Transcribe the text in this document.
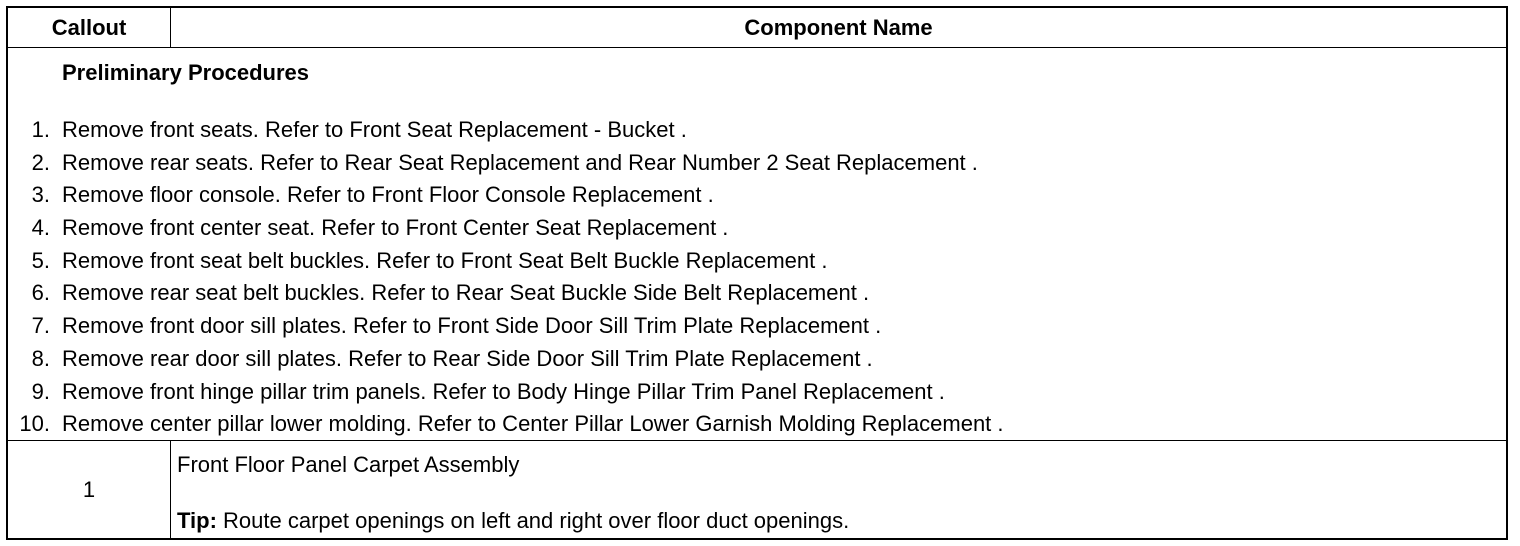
Callout	Component Name
Preliminary Procedures
1. Remove front seats. Refer to Front Seat Replacement - Bucket .
2. Remove rear seats. Refer to Rear Seat Replacement and Rear Number 2 Seat Replacement .
3. Remove floor console. Refer to Front Floor Console Replacement .
4. Remove front center seat. Refer to Front Center Seat Replacement .
5. Remove front seat belt buckles. Refer to Front Seat Belt Buckle Replacement .
6. Remove rear seat belt buckles. Refer to Rear Seat Buckle Side Belt Replacement .
7. Remove front door sill plates. Refer to Front Side Door Sill Trim Plate Replacement .
8. Remove rear door sill plates. Refer to Rear Side Door Sill Trim Plate Replacement .
9. Remove front hinge pillar trim panels. Refer to Body Hinge Pillar Trim Panel Replacement .
10. Remove center pillar lower molding. Refer to Center Pillar Lower Garnish Molding Replacement .
1
Front Floor Panel Carpet Assembly
Tip: Route carpet openings on left and right over floor duct openings.
